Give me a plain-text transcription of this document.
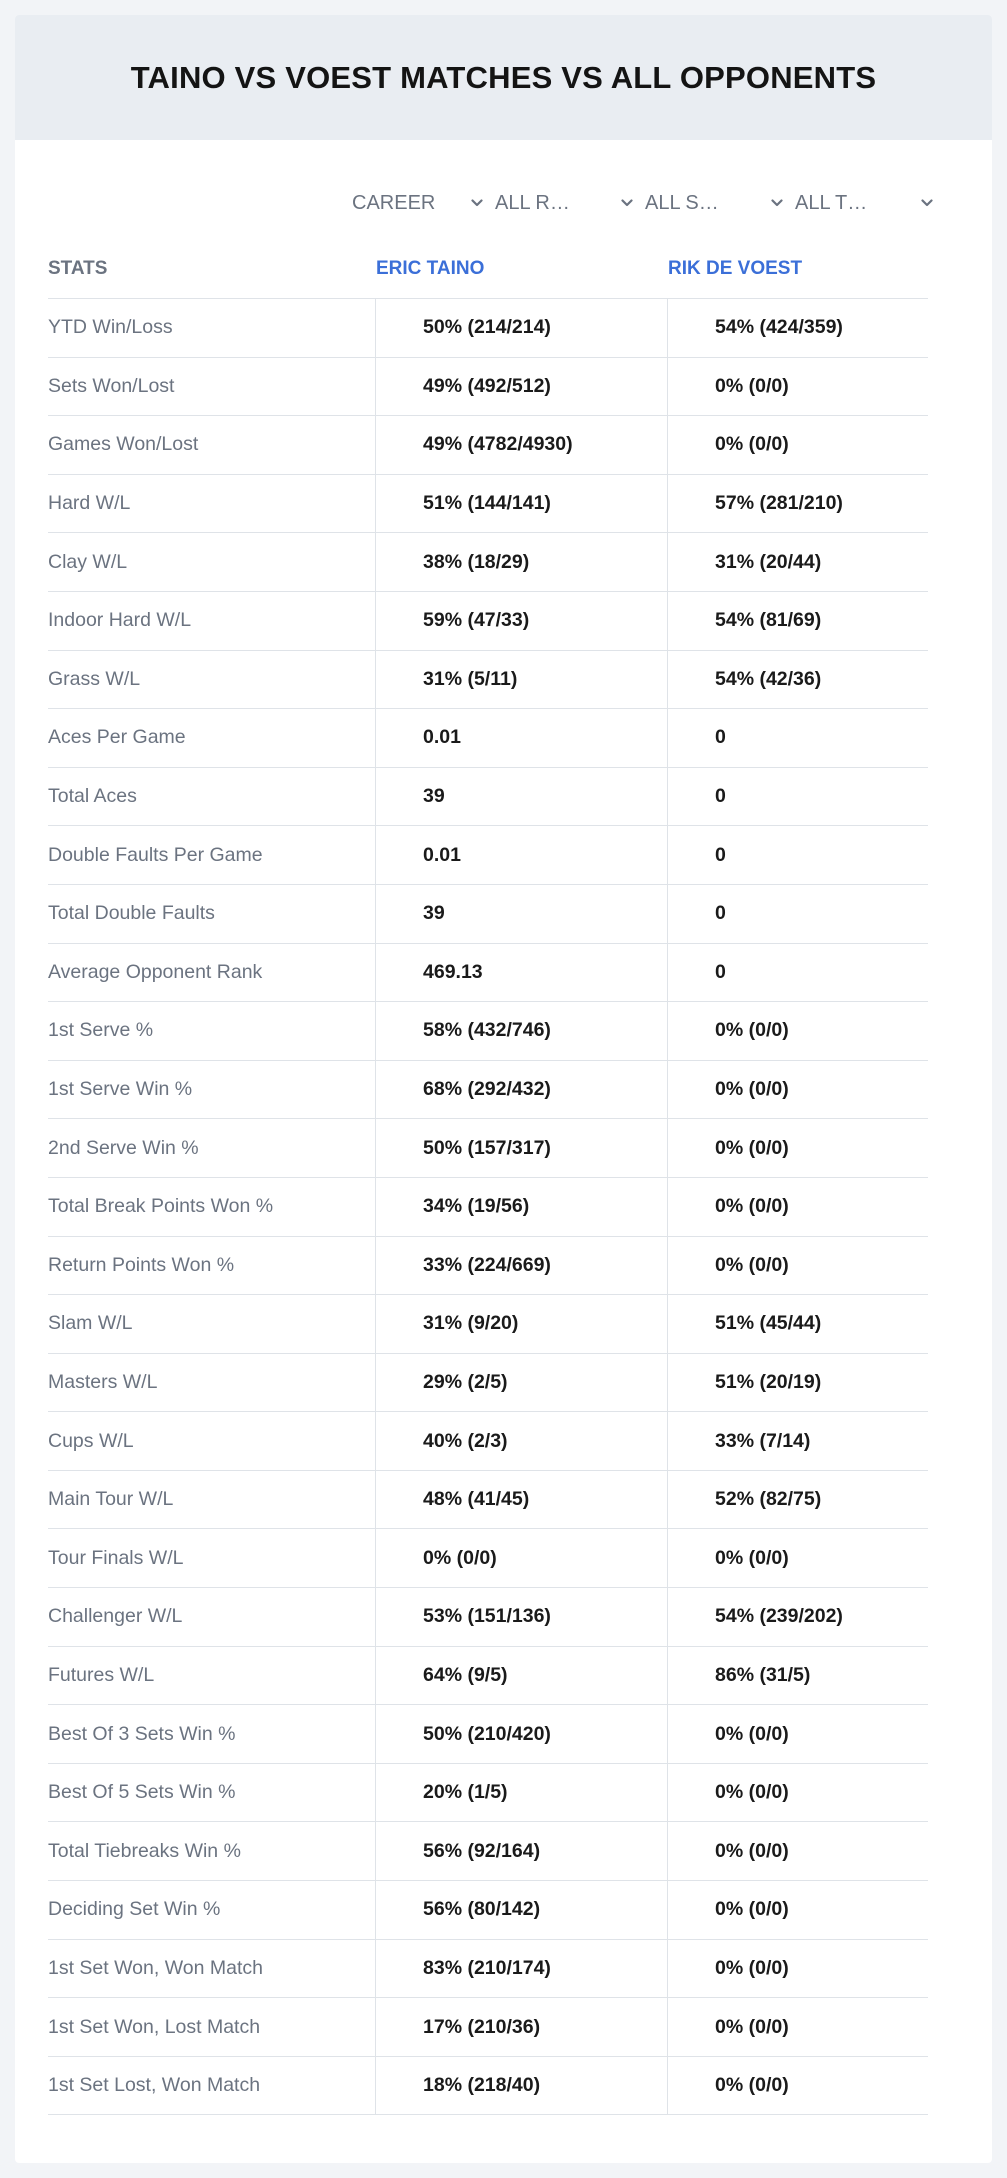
TAINO VS VOEST MATCHES VS ALL OPPONENTS
CAREER	ALL R…	ALL S…	ALL T…
STATS	ERIC TAINO	RIK DE VOEST
YTD Win/Loss	50% (214/214)	54% (424/359)
Sets Won/Lost	49% (492/512)	0% (0/0)
Games Won/Lost	49% (4782/4930)	0% (0/0)
Hard W/L	51% (144/141)	57% (281/210)
Clay W/L	38% (18/29)	31% (20/44)
Indoor Hard W/L	59% (47/33)	54% (81/69)
Grass W/L	31% (5/11)	54% (42/36)
Aces Per Game	0.01	0
Total Aces	39	0
Double Faults Per Game	0.01	0
Total Double Faults	39	0
Average Opponent Rank	469.13	0
1st Serve %	58% (432/746)	0% (0/0)
1st Serve Win %	68% (292/432)	0% (0/0)
2nd Serve Win %	50% (157/317)	0% (0/0)
Total Break Points Won %	34% (19/56)	0% (0/0)
Return Points Won %	33% (224/669)	0% (0/0)
Slam W/L	31% (9/20)	51% (45/44)
Masters W/L	29% (2/5)	51% (20/19)
Cups W/L	40% (2/3)	33% (7/14)
Main Tour W/L	48% (41/45)	52% (82/75)
Tour Finals W/L	0% (0/0)	0% (0/0)
Challenger W/L	53% (151/136)	54% (239/202)
Futures W/L	64% (9/5)	86% (31/5)
Best Of 3 Sets Win %	50% (210/420)	0% (0/0)
Best Of 5 Sets Win %	20% (1/5)	0% (0/0)
Total Tiebreaks Win %	56% (92/164)	0% (0/0)
Deciding Set Win %	56% (80/142)	0% (0/0)
1st Set Won, Won Match	83% (210/174)	0% (0/0)
1st Set Won, Lost Match	17% (210/36)	0% (0/0)
1st Set Lost, Won Match	18% (218/40)	0% (0/0)
